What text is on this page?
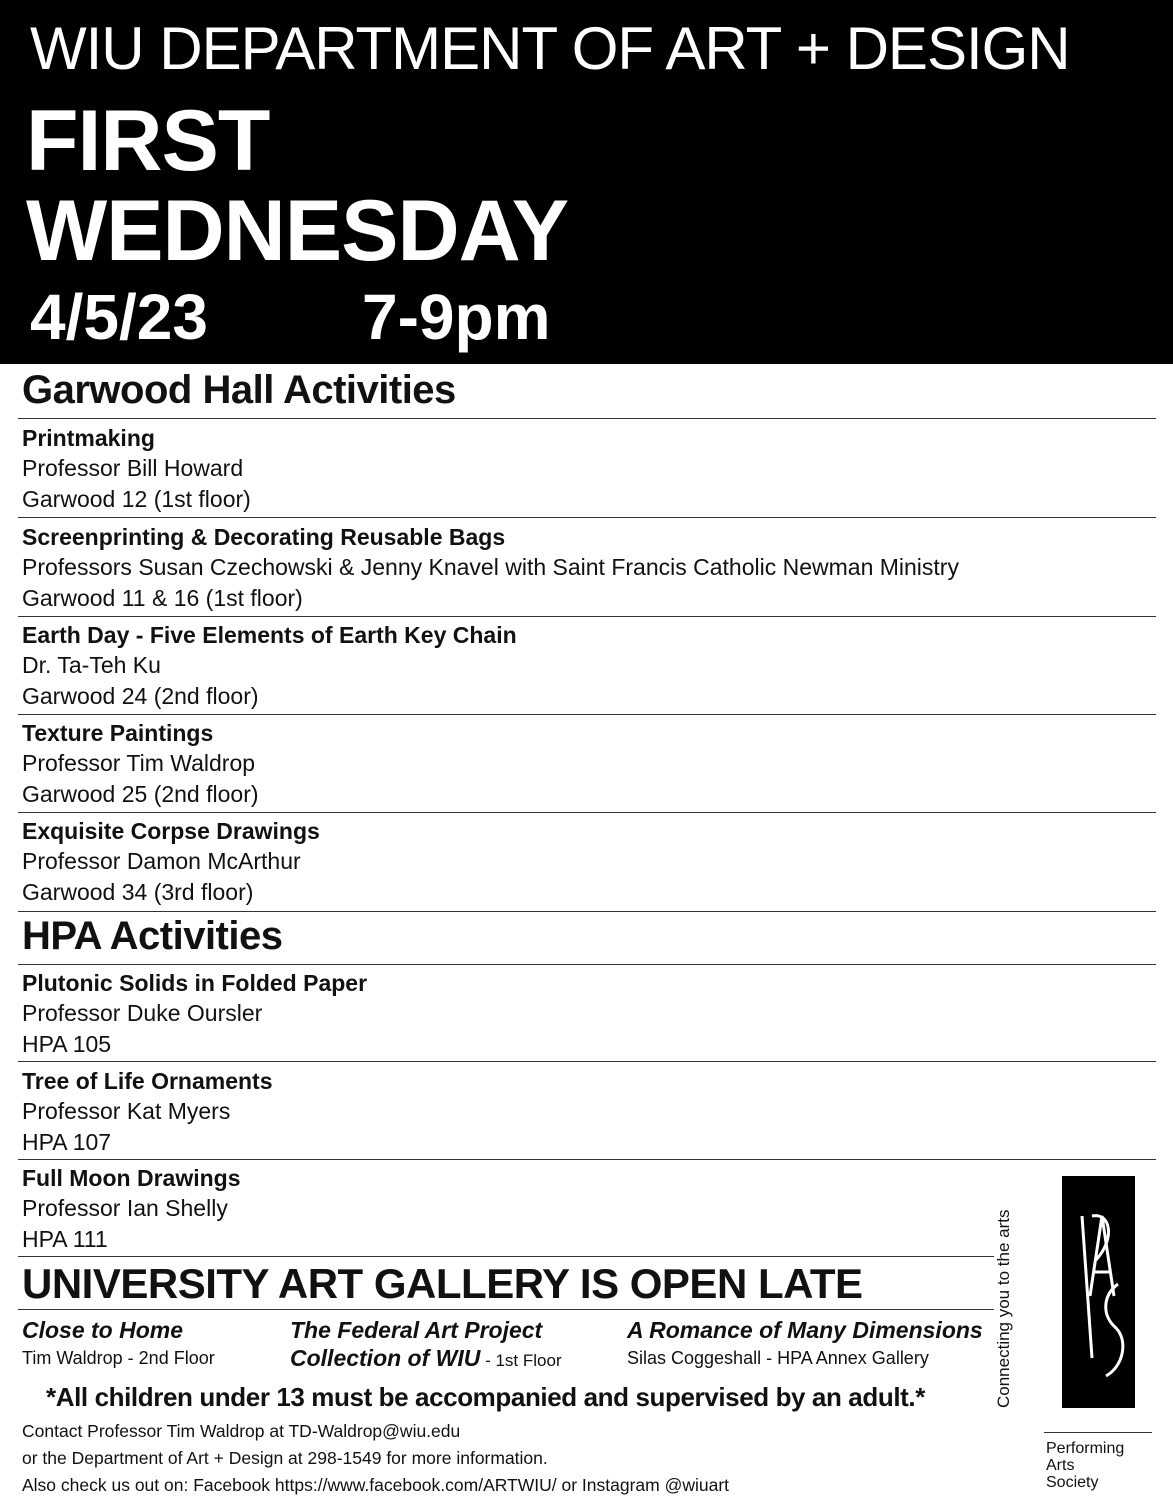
WIU DEPARTMENT OF ART + DESIGN
FIRST
WEDNESDAY
4/5/23 7-9pm
Garwood Hall Activities
Printmaking
Professor Bill Howard
Garwood 12 (1st floor)
Screenprinting & Decorating Reusable Bags
Professors Susan Czechowski & Jenny Knavel with Saint Francis Catholic Newman Ministry
Garwood 11 & 16 (1st floor)
Earth Day - Five Elements of Earth Key Chain
Dr. Ta-Teh Ku
Garwood 24 (2nd floor)
Texture Paintings
Professor Tim Waldrop
Garwood 25 (2nd floor)
Exquisite Corpse Drawings
Professor Damon McArthur
Garwood 34 (3rd floor)
HPA Activities
Plutonic Solids in Folded Paper
Professor Duke Oursler
HPA 105
Tree of Life Ornaments
Professor Kat Myers
HPA 107
Full Moon Drawings
Professor Ian Shelly
HPA 111
UNIVERSITY ART GALLERY IS OPEN LATE
Close to Home
Tim Waldrop - 2nd Floor
The Federal Art Project
Collection of WIU - 1st Floor
A Romance of Many Dimensions
Silas Coggeshall - HPA Annex Gallery
*All children under 13 must be accompanied and supervised by an adult.*
Contact Professor Tim Waldrop at TD-Waldrop@wiu.edu
or the Department of Art + Design at 298-1549 for more information.
Also check us out on: Facebook https://www.facebook.com/ARTWIU/ or Instagram @wiuart
Connecting you to the arts
Performing
Arts
Society
